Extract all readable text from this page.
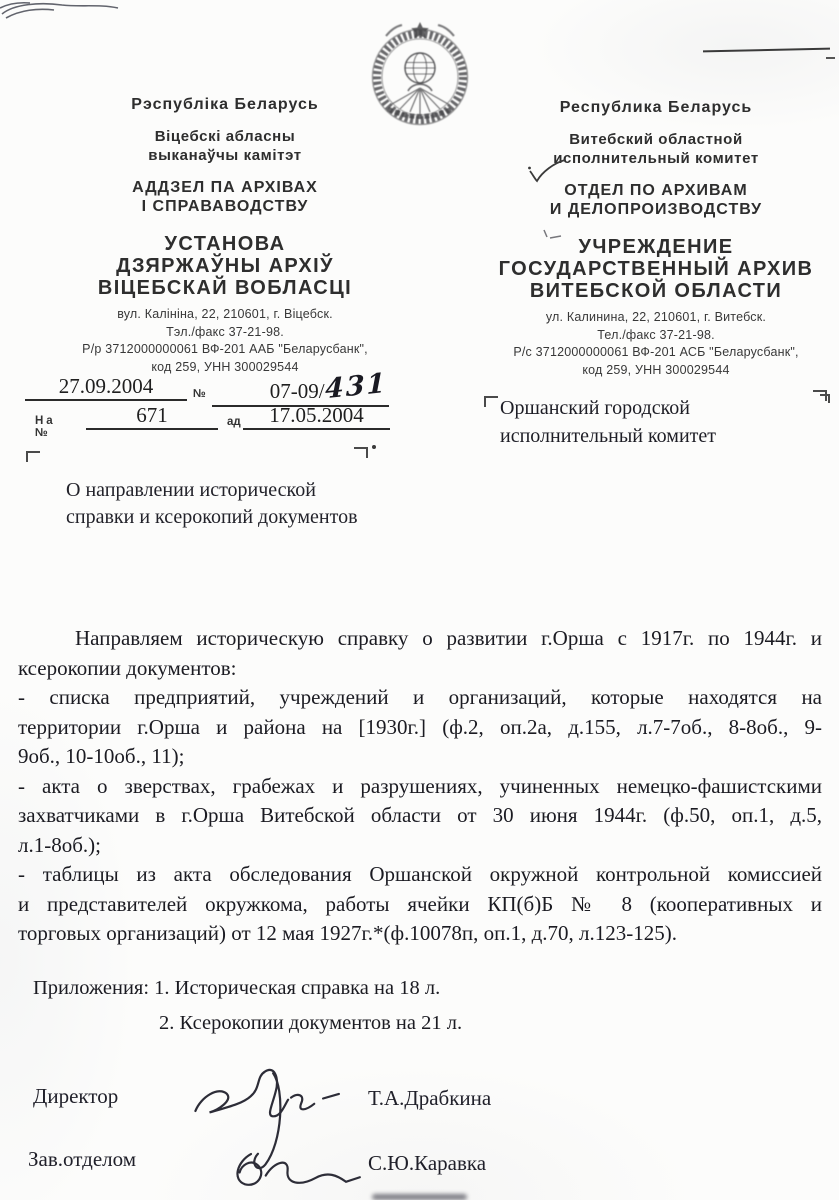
Рэспубліка Беларусь
Віцебскі абласны
выканаўчы камітэт
АДДЗЕЛ ПА АРХІВАХ
І СПРАВАВОДСТВУ
УСТАНОВА
ДЗЯРЖАЎНЫ АРХІЎ
ВІЦЕБСКАЙ ВОБЛАСЦІ
вул. Калініна, 22, 210601, г. Віцебск.
Тэл./факс 37-21-98.
Р/р 3712000000061 ВФ-201 ААБ "Беларусбанк",
код 259, УНН 300029544
Республика Беларусь
Витебский областной
исполнительный комитет
ОТДЕЛ ПО АРХИВАМ
И ДЕЛОПРОИЗВОДСТВУ
УЧРЕЖДЕНИЕ
ГОСУДАРСТВЕННЫЙ АРХИВ
ВИТЕБСКОЙ ОБЛАСТИ
ул. Калинина, 22, 210601, г. Витебск.
Тел./факс 37-21-98.
Р/с 3712000000061 ВФ-201 АСБ "Беларусбанк",
код 259, УНН 300029544
27.09.2004	№	07-09/431
На №
671	ад	17.05.2004
О направлении исторической
справки и ксерокопий документов
Оршанский городской
исполнительный комитет
Направляем историческую справку о развитии г.Орша с 1917г. по 1944г. и
ксерокопии документов:
- списка предприятий, учреждений и организаций, которые находятся на
территории г.Орша и района на [1930г.] (ф.2, оп.2а, д.155, л.7-7об., 8-8об., 9-
9об., 10-10об., 11);
- акта о зверствах, грабежах и разрушениях, учиненных немецко-фашистскими
захватчиками в г.Орша Витебской области от 30 июня 1944г. (ф.50, оп.1, д.5,
л.1-8об.);
- таблицы из акта обследования Оршанской окружной контрольной комиссией
и представителей окружкома, работы ячейки КП(б)Б № 8 (кооперативных и
торговых организаций) от 12 мая 1927г.*(ф.10078п, оп.1, д.70, л.123-125).
Приложения: 1. Историческая справка на 18 л.
2. Ксерокопии документов на 21 л.
Директор	Т.А.Драбкина
Зав.отделом	С.Ю.Каравка
